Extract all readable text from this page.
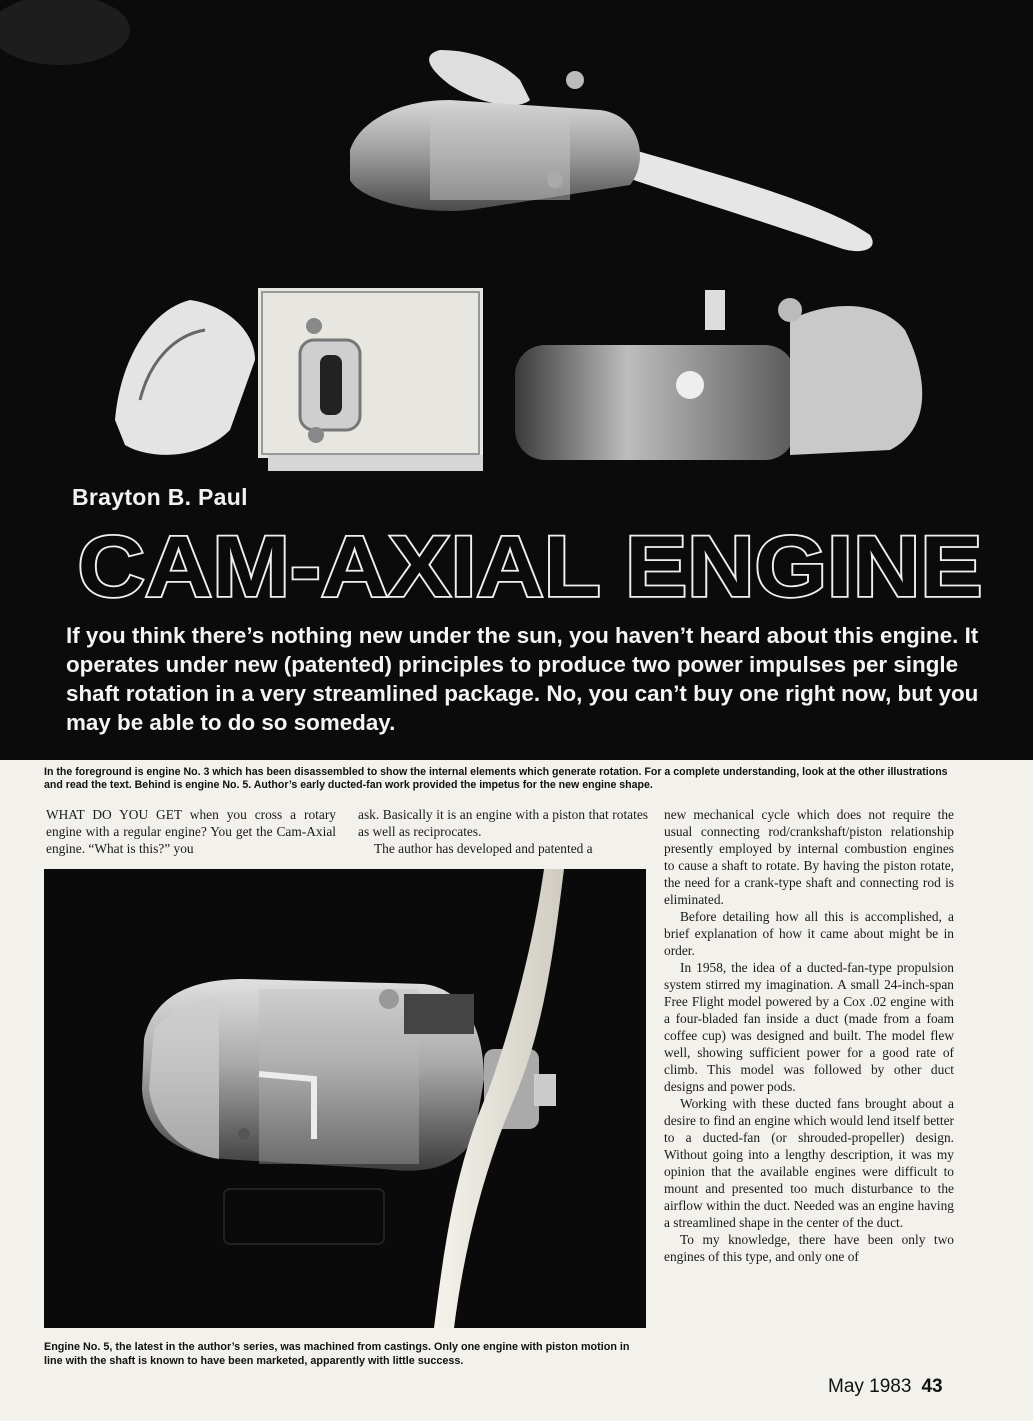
Brayton B. Paul
CAM-AXIAL ENGINE
If you think there’s nothing new under the sun, you haven’t heard about this engine. It operates under new (patented) principles to produce two power impulses per single shaft rotation in a very streamlined package. No, you can’t buy one right now, but you may be able to do so someday.
In the foreground is engine No. 3 which has been disassembled to show the internal elements which generate rotation. For a complete understanding, look at the other illustrations and read the text. Behind is engine No. 5. Author’s early ducted-fan work provided the impetus for the new engine shape.

WHAT DO YOU GET when you cross a rotary engine with a regular engine? You get the Cam-Axial engine. “What is this?” you

ask. Basically it is an engine with a piston that rotates as well as reciprocates.

The author has developed and patented a

new mechanical cycle which does not require the usual connecting rod/crankshaft/piston relationship presently employed by internal combustion engines to cause a shaft to rotate. By having the piston rotate, the need for a crank-type shaft and connecting rod is eliminated.

Before detailing how all this is accomplished, a brief explanation of how it came about might be in order.

In 1958, the idea of a ducted-fan-type propulsion system stirred my imagination. A small 24-inch-span Free Flight model powered by a Cox .02 engine with a four-bladed fan inside a duct (made from a foam coffee cup) was designed and built. The model flew well, showing sufficient power for a good rate of climb. This model was followed by other duct designs and power pods.

Working with these ducted fans brought about a desire to find an engine which would lend itself better to a ducted-fan (or shrouded-propeller) design. Without going into a lengthy description, it was my opinion that the available engines were difficult to mount and presented too much disturbance to the airflow within the duct. Needed was an engine having a streamlined shape in the center of the duct.

To my knowledge, there have been only two engines of this type, and only one of

Engine No. 5, the latest in the author’s series, was machined from castings. Only one engine with piston motion in line with the shaft is known to have been marketed, apparently with little success.
May 1983 43
